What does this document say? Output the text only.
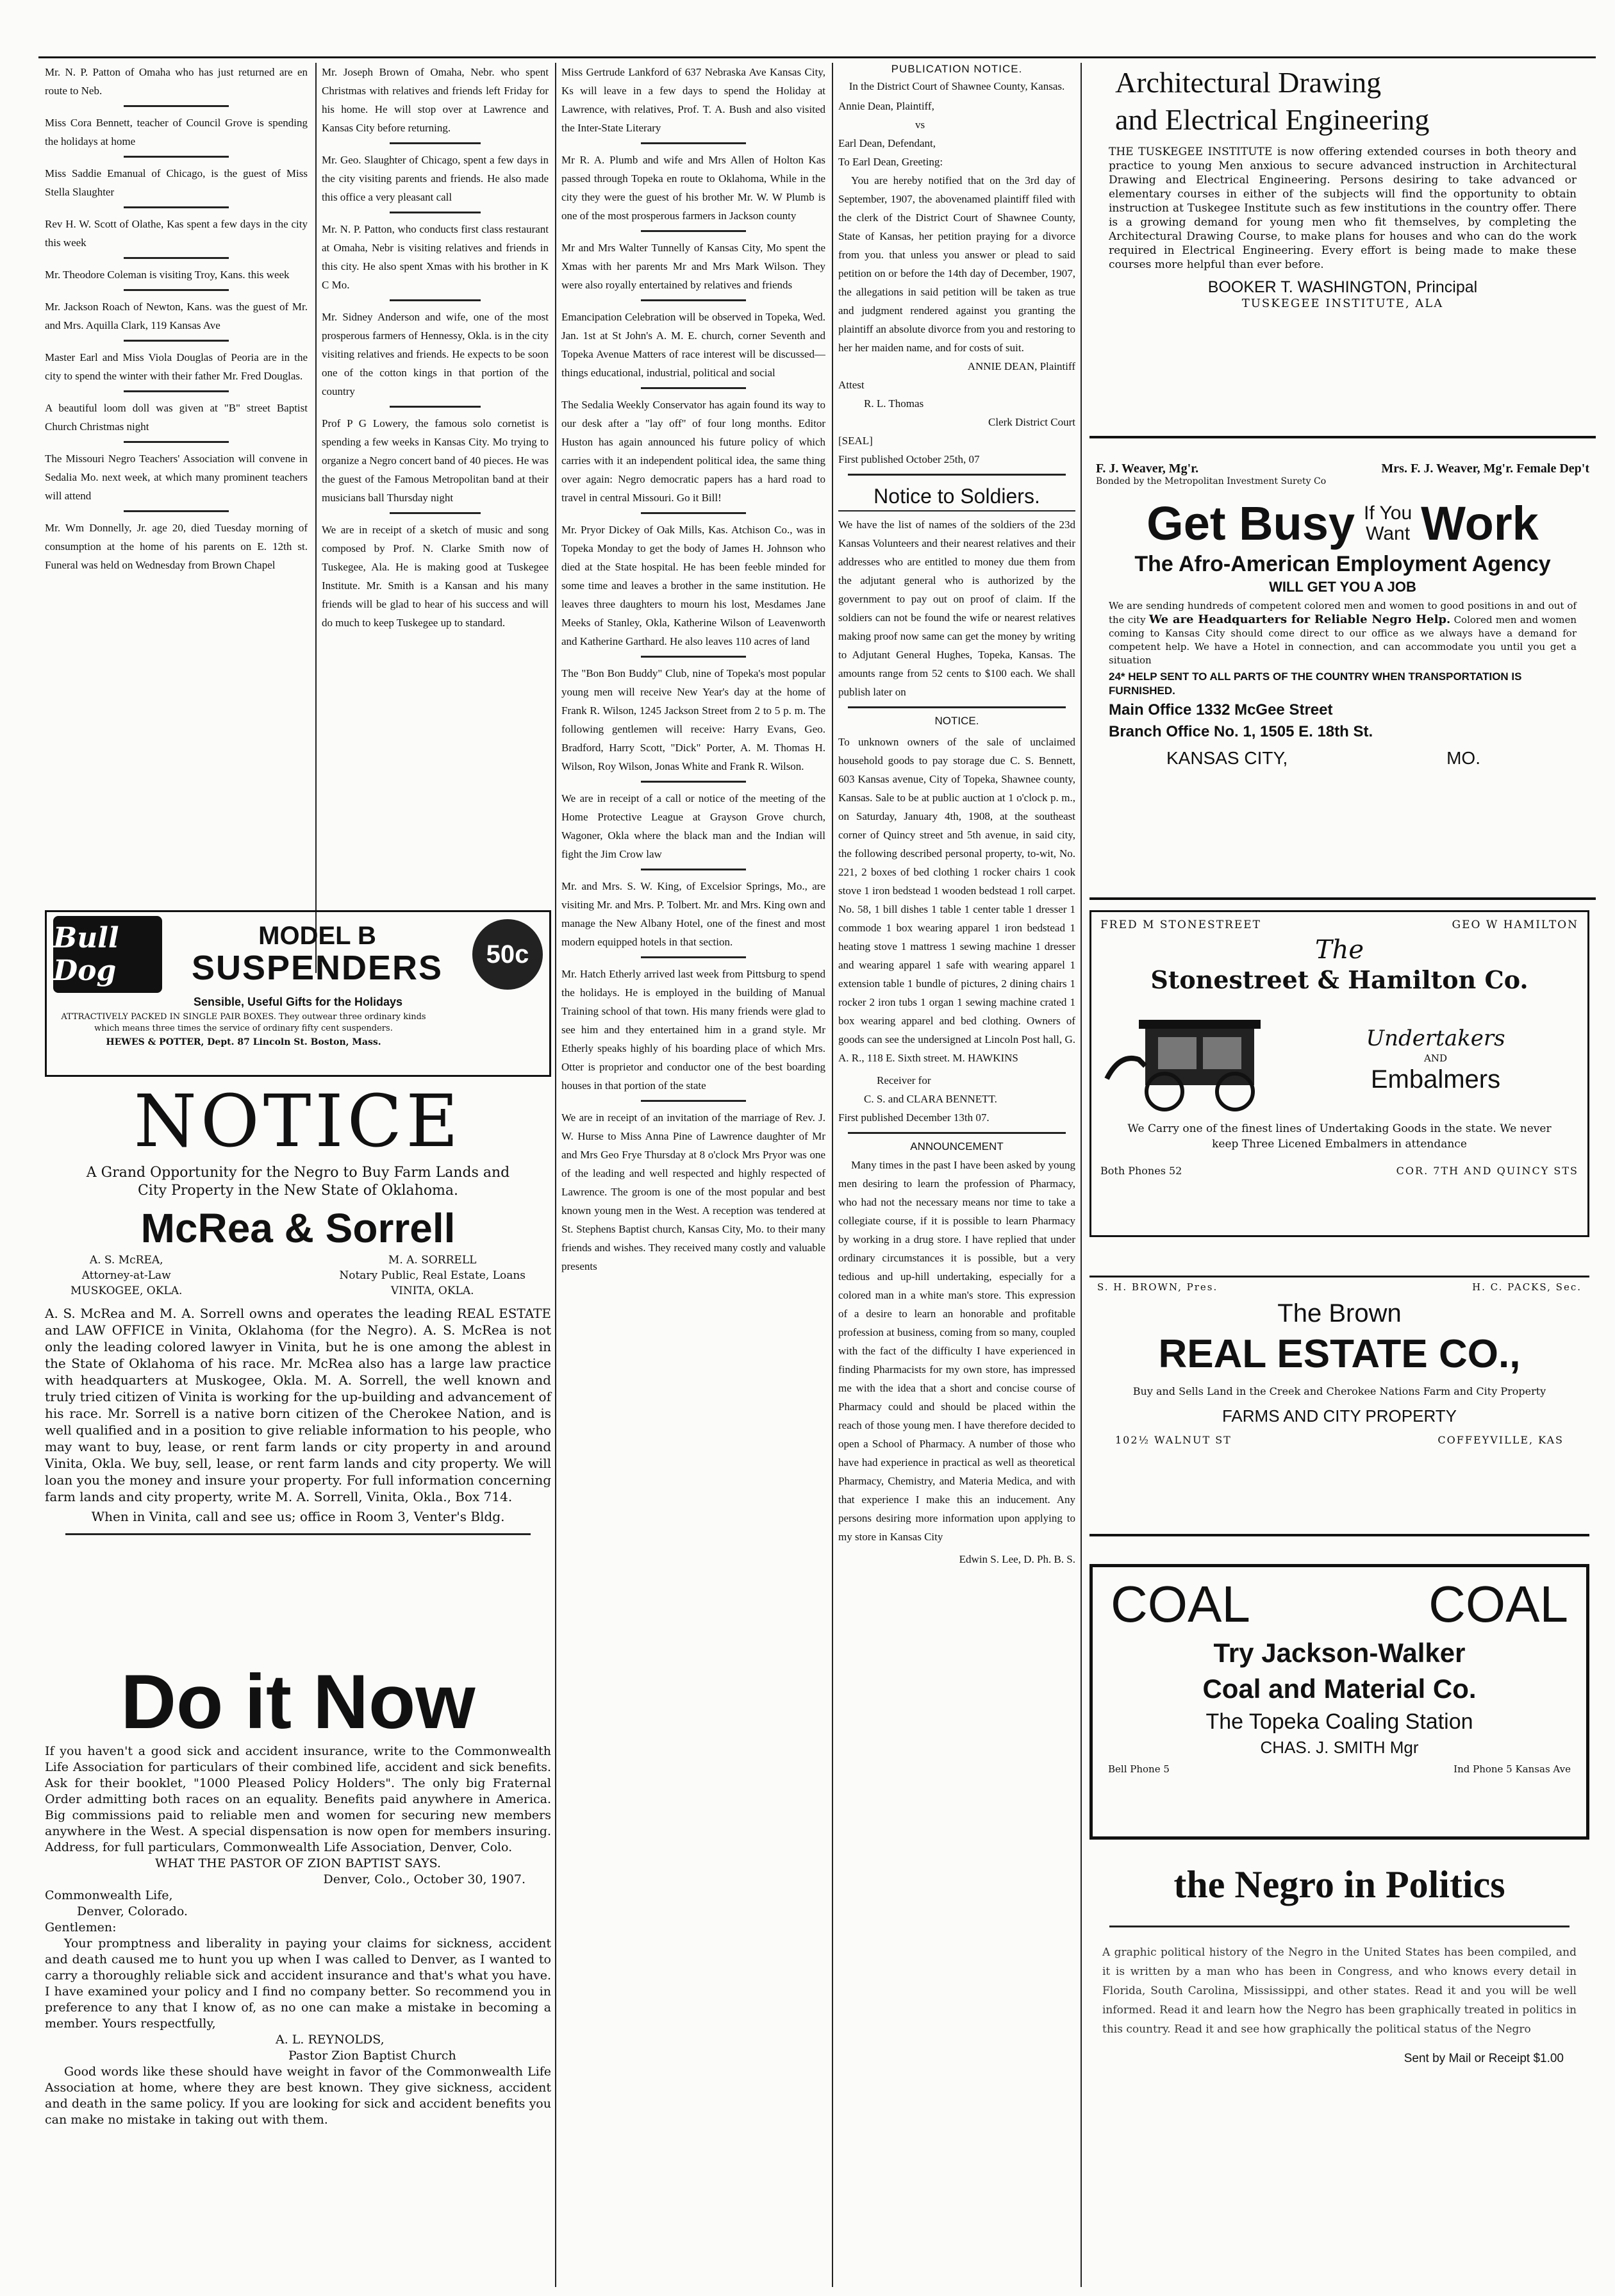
Mr. N. P. Patton of Omaha who has just returned are en route to Neb.
Miss Cora Bennett, teacher of Council Grove is spending the holidays at home
Miss Saddie Emanual of Chicago, is the guest of Miss Stella Slaughter
Rev H. W. Scott of Olathe, Kas spent a few days in the city this week
Mr. Theodore Coleman is visiting Troy, Kans. this week
Mr. Jackson Roach of Newton, Kans. was the guest of Mr. and Mrs. Aquilla Clark, 119 Kansas Ave
Master Earl and Miss Viola Douglas of Peoria are in the city to spend the winter with their father Mr. Fred Douglas.
A beautiful loom doll was given at "B" street Baptist Church Christmas night
The Missouri Negro Teachers' Association will convene in Sedalia Mo. next week, at which many prominent teachers will attend
Mr. Wm Donnelly, Jr. age 20, died Tuesday morning of consumption at the home of his parents on E. 12th st. Funeral was held on Wednesday from Brown Chapel
Mr. Joseph Brown of Omaha, Nebr. who spent Christmas with relatives and friends left Friday for his home. He will stop over at Lawrence and Kansas City before returning.
Mr. Geo. Slaughter of Chicago, spent a few days in the city visiting parents and friends. He also made this office a very pleasant call
Mr. N. P. Patton, who conducts first class restaurant at Omaha, Nebr is visiting relatives and friends in this city. He also spent Xmas with his brother in K C Mo.
Mr. Sidney Anderson and wife, one of the most prosperous farmers of Hennessy, Okla. is in the city visiting relatives and friends. He expects to be soon one of the cotton kings in that portion of the country
Prof P G Lowery, the famous solo cornetist is spending a few weeks in Kansas City. Mo trying to organize a Negro concert band of 40 pieces. He was the guest of the Famous Metropolitan band at their musicians ball Thursday night
We are in receipt of a sketch of music and song composed by Prof. N. Clarke Smith now of Tuskegee, Ala. He is making good at Tuskegee Institute. Mr. Smith is a Kansan and his many friends will be glad to hear of his success and will do much to keep Tuskegee up to standard.
Bull Dog
MODEL B
SUSPENDERS	50c
Sensible, Useful Gifts for the Holidays
ATTRACTIVELY PACKED IN SINGLE PAIR BOXES. They outwear three ordinary kinds which means three times the service of ordinary fifty cent suspenders.
HEWES & POTTER, Dept. 87 Lincoln St. Boston, Mass.
NOTICE
A Grand Opportunity for the Negro to Buy Farm Lands and City Property in the New State of Oklahoma.
McRea & Sorrell
A. S. McREA,
Attorney-at-Law
MUSKOGEE, OKLA.
M. A. SORRELL
Notary Public, Real Estate, Loans
VINITA, OKLA.
A. S. McRea and M. A. Sorrell owns and operates the leading REAL ESTATE and LAW OFFICE in Vinita, Oklahoma (for the Negro). A. S. McRea is not only the leading colored lawyer in Vinita, but he is one among the ablest in the State of Oklahoma of his race. Mr. McRea also has a large law practice with headquarters at Muskogee, Okla. M. A. Sorrell, the well known and truly tried citizen of Vinita is working for the up-building and advancement of his race. Mr. Sorrell is a native born citizen of the Cherokee Nation, and is well qualified and in a position to give reliable information to his people, who may want to buy, lease, or rent farm lands or city property in and around Vinita, Okla. We buy, sell, lease, or rent farm lands and city property. We will loan you the money and insure your property. For full information concerning farm lands and city property, write M. A. Sorrell, Vinita, Okla., Box 714.
When in Vinita, call and see us; office in Room 3, Venter's Bldg.
Do it Now
If you haven't a good sick and accident insurance, write to the Commonwealth Life Association for particulars of their combined life, accident and sick benefits. Ask for their booklet, "1000 Pleased Policy Holders". The only big Fraternal Order admitting both races on an equality. Benefits paid anywhere in America. Big commissions paid to reliable men and women for securing new members anywhere in the West. A special dispensation is now open for members insuring. Address, for full particulars, Commonwealth Life Association, Denver, Colo.
WHAT THE PASTOR OF ZION BAPTIST SAYS.
Denver, Colo., October 30, 1907.
Commonwealth Life,
Denver, Colorado.
Gentlemen:
Your promptness and liberality in paying your claims for sickness, accident and death caused me to hunt you up when I was called to Denver, as I wanted to carry a thoroughly reliable sick and accident insurance and that's what you have. I have examined your policy and I find no company better. So recommend you in preference to any that I know of, as no one can make a mistake in becoming a member. Yours respectfully,
A. L. REYNOLDS,
Pastor Zion Baptist Church
Good words like these should have weight in favor of the Commonwealth Life Association at home, where they are best known. They give sickness, accident and death in the same policy. If you are looking for sick and accident benefits you can make no mistake in taking out with them.
Miss Gertrude Lankford of 637 Nebraska Ave Kansas City, Ks will leave in a few days to spend the Holiday at Lawrence, with relatives, Prof. T. A. Bush and also visited the Inter-State Literary
Mr R. A. Plumb and wife and Mrs Allen of Holton Kas passed through Topeka en route to Oklahoma, While in the city they were the guest of his brother Mr. W. W Plumb is one of the most prosperous farmers in Jackson county
Mr and Mrs Walter Tunnelly of Kansas City, Mo spent the Xmas with her parents Mr and Mrs Mark Wilson. They were also royally entertained by relatives and friends
Emancipation Celebration will be observed in Topeka, Wed. Jan. 1st at St John's A. M. E. church, corner Seventh and Topeka Avenue Matters of race interest will be discussed—things educational, industrial, political and social
The Sedalia Weekly Conservator has again found its way to our desk after a "lay off" of four long months. Editor Huston has again announced his future policy of which carries with it an independent political idea, the same thing over again: Negro democratic papers has a hard road to travel in central Missouri. Go it Bill!
Mr. Pryor Dickey of Oak Mills, Kas. Atchison Co., was in Topeka Monday to get the body of James H. Johnson who died at the State hospital. He has been feeble minded for some time and leaves a brother in the same institution. He leaves three daughters to mourn his lost, Mesdames Jane Meeks of Stanley, Okla, Katherine Wilson of Leavenworth and Katherine Garthard. He also leaves 110 acres of land
The "Bon Bon Buddy" Club, nine of Topeka's most popular young men will receive New Year's day at the home of Frank R. Wilson, 1245 Jackson Street from 2 to 5 p. m. The following gentlemen will receive: Harry Evans, Geo. Bradford, Harry Scott, "Dick" Porter, A. M. Thomas H. Wilson, Roy Wilson, Jonas White and Frank R. Wilson.
We are in receipt of a call or notice of the meeting of the Home Protective League at Grayson Grove church, Wagoner, Okla where the black man and the Indian will fight the Jim Crow law
Mr. and Mrs. S. W. King, of Excelsior Springs, Mo., are visiting Mr. and Mrs. P. Tolbert. Mr. and Mrs. King own and manage the New Albany Hotel, one of the finest and most modern equipped hotels in that section.
Mr. Hatch Etherly arrived last week from Pittsburg to spend the holidays. He is employed in the building of Manual Training school of that town. His many friends were glad to see him and they entertained him in a grand style. Mr Etherly speaks highly of his boarding place of which Mrs. Otter is proprietor and conductor one of the best boarding houses in that portion of the state
We are in receipt of an invitation of the marriage of Rev. J. W. Hurse to Miss Anna Pine of Lawrence daughter of Mr and Mrs Geo Frye Thursday at 8 o'clock Mrs Pryor was one of the leading and well respected and highly respected of Lawrence. The groom is one of the most popular and best known young men in the West. A reception was tendered at St. Stephens Baptist church, Kansas City, Mo. to their many friends and wishes. They received many costly and valuable presents
PUBLICATION NOTICE.
In the District Court of Shawnee County, Kansas.
Annie Dean, Plaintiff,
vs
Earl Dean, Defendant,
To Earl Dean, Greeting:
You are hereby notified that on the 3rd day of September, 1907, the abovenamed plaintiff filed with the clerk of the District Court of Shawnee County, State of Kansas, her petition praying for a divorce from you. that unless you answer or plead to said petition on or before the 14th day of December, 1907, the allegations in said petition will be taken as true and judgment rendered against you granting the plaintiff an absolute divorce from you and restoring to her her maiden name, and for costs of suit.
ANNIE DEAN, Plaintiff
Attest
R. L. Thomas
Clerk District Court
[SEAL]
First published October 25th, 07
Notice to Soldiers.
We have the list of names of the soldiers of the 23d Kansas Volunteers and their nearest relatives and their addresses who are entitled to money due them from the adjutant general who is authorized by the government to pay out on proof of claim. If the soldiers can not be found the wife or nearest relatives making proof now same can get the money by writing to Adjutant General Hughes, Topeka, Kansas. The amounts range from 52 cents to $100 each. We shall publish later on
NOTICE.
To unknown owners of the sale of unclaimed household goods to pay storage due C. S. Bennett, 603 Kansas avenue, City of Topeka, Shawnee county, Kansas. Sale to be at public auction at 1 o'clock p. m., on Saturday, January 4th, 1908, at the southeast corner of Quincy street and 5th avenue, in said city, the following described personal property, to-wit, No. 221, 2 boxes of bed clothing 1 rocker chairs 1 cook stove 1 iron bedstead 1 wooden bedstead 1 roll carpet. No. 58, 1 bill dishes 1 table 1 center table 1 dresser 1 commode 1 box wearing apparel 1 iron bedstead 1 heating stove 1 mattress 1 sewing machine 1 dresser and wearing apparel 1 safe with wearing apparel 1 extension table 1 bundle of pictures, 2 dining chairs 1 rocker 2 iron tubs 1 organ 1 sewing machine crated 1 box wearing apparel and bed clothing. Owners of goods can see the undersigned at Lincoln Post hall, G. A. R., 118 E. Sixth street. M. HAWKINS
Receiver for
C. S. and CLARA BENNETT.
First published December 13th 07.
ANNOUNCEMENT
Many times in the past I have been asked by young men desiring to learn the profession of Pharmacy, who had not the necessary means nor time to take a collegiate course, if it is possible to learn Pharmacy by working in a drug store. I have replied that under ordinary circumstances it is possible, but a very tedious and up-hill undertaking, especially for a colored man in a white man's store. This expression of a desire to learn an honorable and profitable profession at business, coming from so many, coupled with the fact of the difficulty I have experienced in finding Pharmacists for my own store, has impressed me with the idea that a short and concise course of Pharmacy could and should be placed within the reach of those young men. I have therefore decided to open a School of Pharmacy. A number of those who have had experience in practical as well as theoretical Pharmacy, Chemistry, and Materia Medica, and with that experience I make this an inducement. Any persons desiring more information upon applying to my store in Kansas City
Edwin S. Lee, D. Ph. B. S.
Architectural Drawing
and Electrical Engineering
THE TUSKEGEE INSTITUTE is now offering extended courses in both theory and practice to young Men anxious to secure advanced instruction in Architectural Drawing and Electrical Engineering. Persons desiring to take advanced or elementary courses in either of the subjects will find the opportunity to obtain instruction at Tuskegee Institute such as few institutions in the country offer. There is a growing demand for young men who fit themselves, by completing the Architectural Drawing Course, to make plans for houses and who can do the work required in Electrical Engineering. Every effort is being made to make these courses more helpful than ever before.
BOOKER T. WASHINGTON, Principal
TUSKEGEE INSTITUTE, ALA
F. J. Weaver, Mg'r.	Mrs. F. J. Weaver, Mg'r. Female Dep't
Bonded by the Metropolitan Investment Surety Co
Get Busy If You
Want Work
The Afro-American Employment Agency
WILL GET YOU A JOB
We are sending hundreds of competent colored men and women to good positions in and out of the city We are Headquarters for Reliable Negro Help. Colored men and women coming to Kansas City should come direct to our office as we always have a demand for competent help. We have a Hotel in connection, and can accommodate you until you get a situation
24* HELP SENT TO ALL PARTS OF THE COUNTRY WHEN TRANSPORTATION IS FURNISHED.
Main Office 1332 McGee Street
Branch Office No. 1, 1505 E. 18th St.
KANSAS CITY,	MO.
FRED M STONESTREET	GEO W HAMILTON
The
Stonestreet & Hamilton Co.
Undertakers
AND
Embalmers
We Carry one of the finest lines of Undertaking Goods in the state. We never keep Three Licened Embalmers in attendance
Both Phones 52	COR. 7TH AND QUINCY STS
S. H. BROWN, Pres.	H. C. PACKS, Sec.
The Brown
REAL ESTATE CO.,
Buy and Sells Land in the Creek and Cherokee Nations Farm and City Property
FARMS AND CITY PROPERTY
102½ WALNUT ST	COFFEYVILLE, KAS
COAL	COAL
Try Jackson-Walker
Coal and Material Co.
The Topeka Coaling Station
CHAS. J. SMITH Mgr
Bell Phone 5	Ind Phone 5 Kansas Ave
the Negro in Politics
A graphic political history of the Negro in the United States has been compiled, and it is written by a man who has been in Congress, and who knows every detail in Florida, South Carolina, Mississippi, and other states. Read it and you will be well informed. Read it and learn how the Negro has been graphically treated in politics in this country. Read it and see how graphically the political status of the Negro
Sent by Mail or Receipt $1.00
